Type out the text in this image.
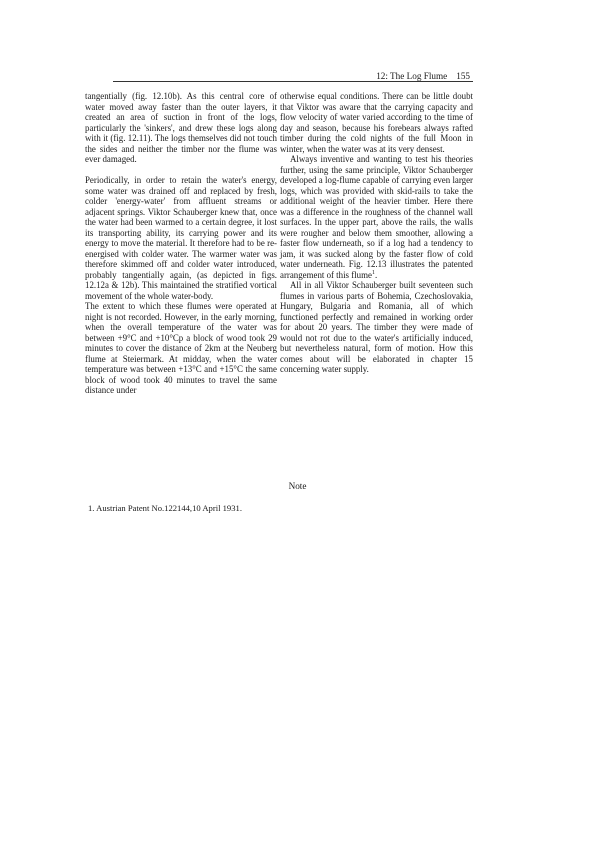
12: The Log Flume 155

tangentially (fig. 12.10b). As this central core of water moved away faster than the outer layers, it created an area of suction in front of the logs, particularly the 'sinkers', and drew these logs along with it (fig. 12.11). The logs themselves did not touch the sides and neither the timber nor the flume was ever damaged.

Periodically, in order to retain the water's energy, some water was drained off and replaced by fresh, colder 'energy-water' from affluent streams or adjacent springs. Viktor Schauberger knew that, once the water had been warmed to a certain degree, it lost its transporting ability, its carrying power and its energy to move the material. It therefore had to be re-energised with colder water. The warmer water was therefore skimmed off and colder water introduced, probably tangentially again, (as depicted in figs. 12.12a & 12b). This maintained the stratified vortical movement of the whole water-body.

The extent to which these flumes were operated at night is not recorded. However, in the early morning, when the overall temperature of the water was between +9°C and +10°Cp a block of wood took 29 minutes to cover the distance of 2km at the Neuberg flume at Steiermark. At midday, when the water temperature was between +13°C and +15°C the same block of wood took 40 minutes to travel the same distance under

otherwise equal conditions. There can be little doubt that Viktor was aware that the carrying capacity and flow velocity of water varied according to the time of day and season, because his forebears always rafted timber during the cold nights of the full Moon in winter, when the water was at its very densest.

Always inventive and wanting to test his theories further, using the same principle, Viktor Schauberger developed a log-flume capable of carrying even larger logs, which was provided with skid-rails to take the additional weight of the heavier timber. Here there was a difference in the roughness of the channel wall surfaces. In the upper part, above the rails, the walls were rougher and below them smoother, allowing a faster flow underneath, so if a log had a tendency to jam, it was sucked along by the faster flow of cold water underneath. Fig. 12.13 illustrates the patented arrangement of this flume$^1$.

All in all Viktor Schauberger built seventeen such flumes in various parts of Bohemia, Czechoslovakia, Hungary, Bulgaria and Romania, all of which functioned perfectly and remained in working order for about 20 years. The timber they were made of would not rot due to the water's artificially induced, but nevertheless natural, form of motion. How this comes about will be elaborated in chapter 15 concerning water supply.

Note
1. Austrian Patent No.122144,10 April 1931.
